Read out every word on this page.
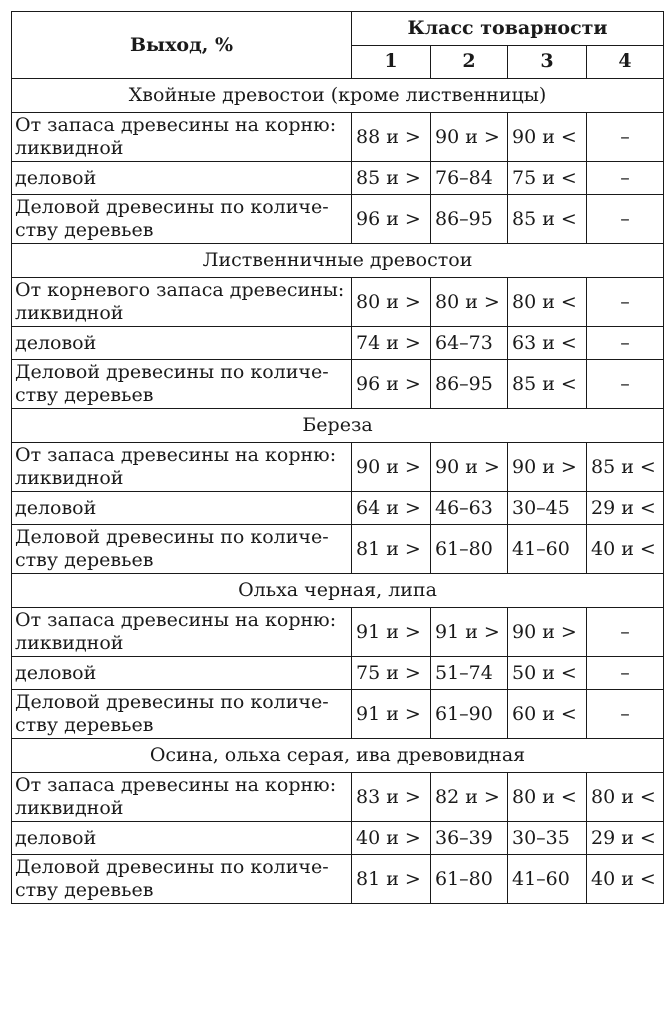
Выход, %	Класс товарности			
	1	2	3	4
Хвойные древостои (кроме лиственницы)				

От запаса древесины на корню:
ликвидной	88 и >	90 и >	90 и <	–

деловой	85 и >	76–84	75 и <	–

Деловой древесины по количе-
ству деревьев	96 и >	86–95	85 и <	–
Лиственничные древостои				

От корневого запаса древесины:
ликвидной	80 и >	80 и >	80 и <	–

деловой	74 и >	64–73	63 и <	–

Деловой древесины по количе-
ству деревьев	96 и >	86–95	85 и <	–
Береза				

От запаса древесины на корню:
ликвидной	90 и >	90 и >	90 и >	85 и <

деловой	64 и >	46–63	30–45	29 и <

Деловой древесины по количе-
ству деревьев	81 и >	61–80	41–60	40 и <
Ольха черная, липа				

От запаса древесины на корню:
ликвидной	91 и >	91 и >	90 и >	–

деловой	75 и >	51–74	50 и <	–

Деловой древесины по количе-
ству деревьев	91 и >	61–90	60 и <	–
Осина, ольха серая, ива древовидная				

От запаса древесины на корню:
ликвидной	83 и >	82 и >	80 и <	80 и <

деловой	40 и >	36–39	30–35	29 и <

Деловой древесины по количе-
ству деревьев	81 и >	61–80	41–60	40 и <
